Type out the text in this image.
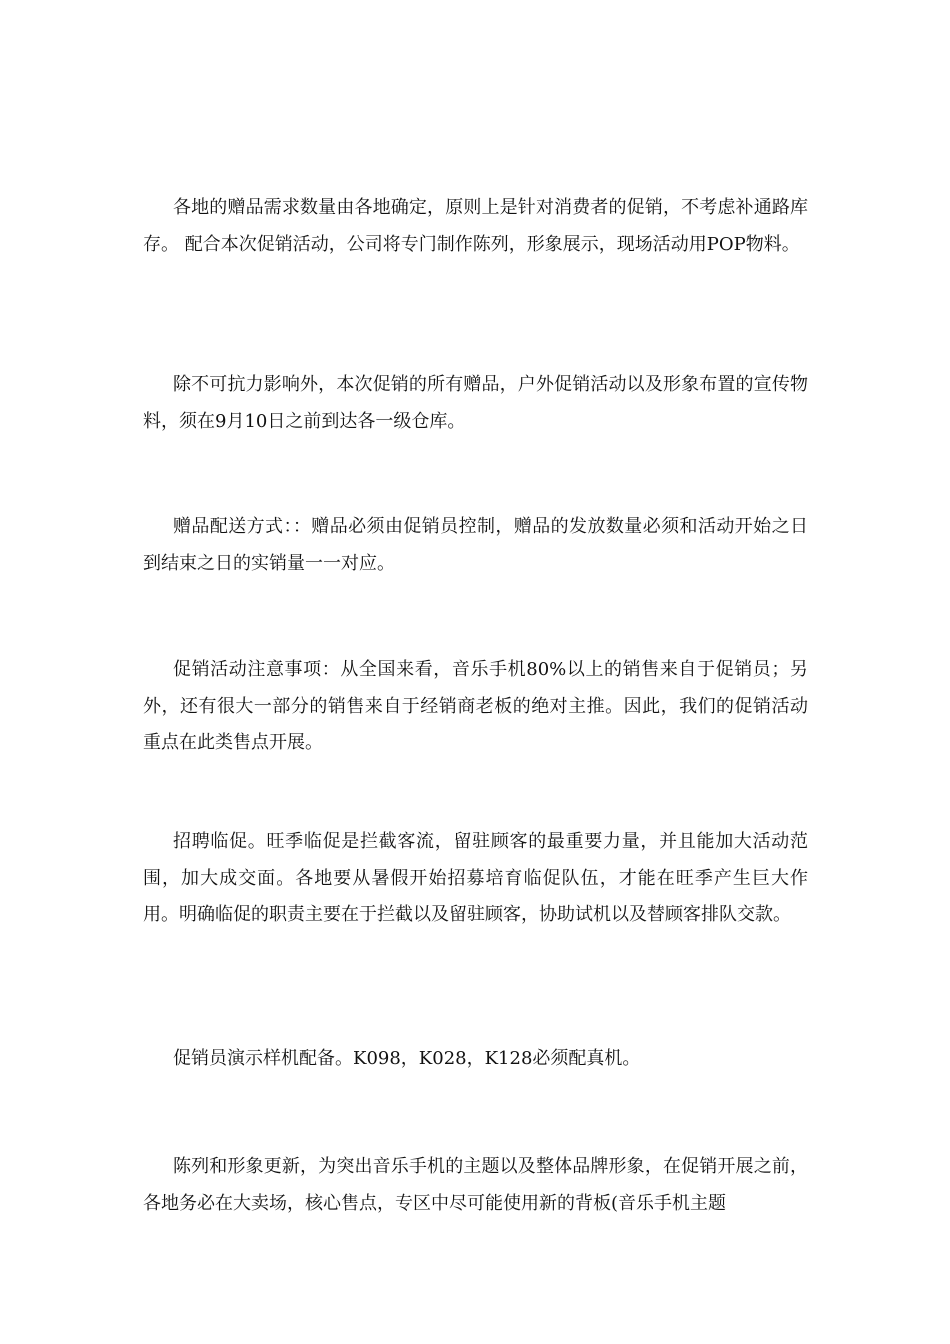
各地的赠品需求数量由各地确定，原则上是针对消费者的促销，不考虑补通路库存。 配合本次促销活动，公司将专门制作陈列，形象展示，现场活动用POP物料。

除不可抗力影响外，本次促销的所有赠品，户外促销活动以及形象布置的宣传物料，须在9月10日之前到达各一级仓库。

赠品配送方式：：赠品必须由促销员控制，赠品的发放数量必须和活动开始之日到结束之日的实销量一一对应。

促销活动注意事项：从全国来看，音乐手机80%以上的销售来自于促销员；另外，还有很大一部分的销售来自于经销商老板的绝对主推。因此，我们的促销活动重点在此类售点开展。

招聘临促。旺季临促是拦截客流，留驻顾客的最重要力量，并且能加大活动范围，加大成交面。各地要从暑假开始招募培育临促队伍，才能在旺季产生巨大作用。明确临促的职责主要在于拦截以及留驻顾客，协助试机以及替顾客排队交款。

促销员演示样机配备。K098，K028，K128必须配真机。

陈列和形象更新，为突出音乐手机的主题以及整体品牌形象，在促销开展之前，各地务必在大卖场，核心售点，专区中尽可能使用新的背板(音乐手机主题
